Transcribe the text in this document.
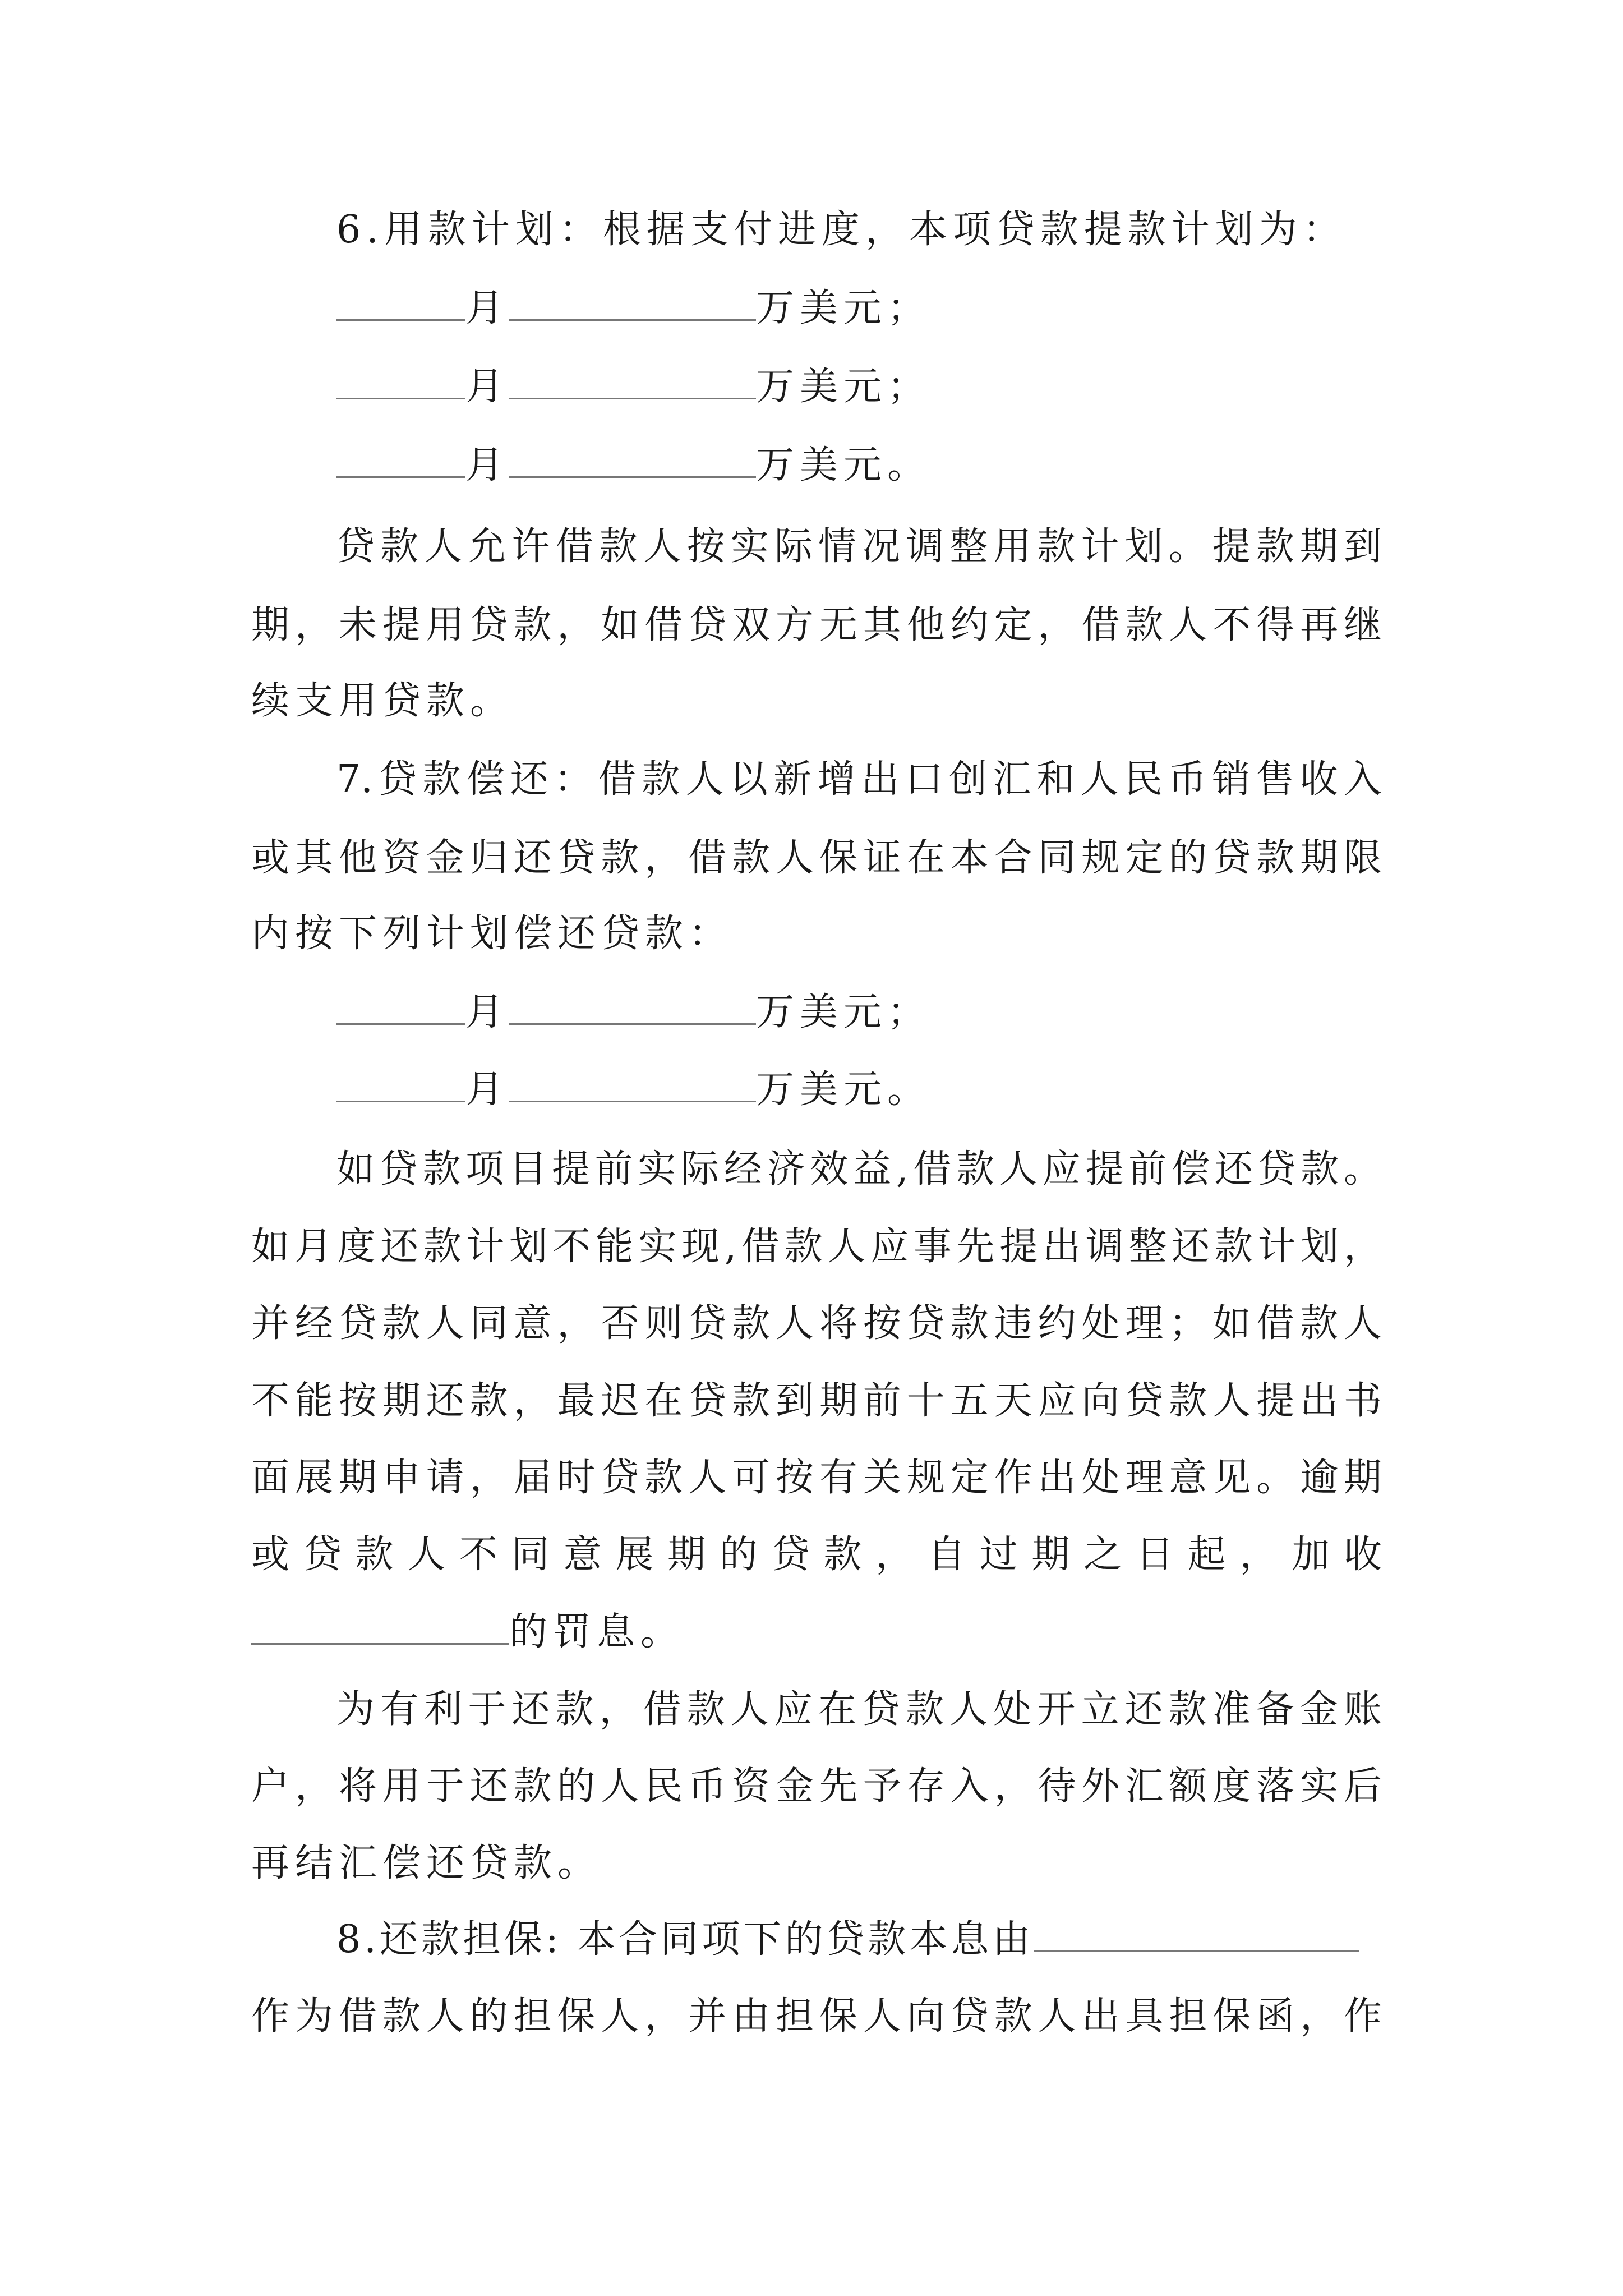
6.用款计划：根据支付进度，本项贷款提款计划为：
月	万美元；
月	万美元；
月	万美元。
贷款人允许借款人按实际情况调整用款计划。提款期到
期，未提用贷款，如借贷双方无其他约定，借款人不得再继
续支用贷款。
7.贷款偿还：借款人以新增出口创汇和人民币销售收入
或其他资金归还贷款，借款人保证在本合同规定的贷款期限
内按下列计划偿还贷款：
月	万美元；
月	万美元。
如贷款项目提前实际经济效益,借款人应提前偿还贷款。
如月度还款计划不能实现,借款人应事先提出调整还款计划，
并经贷款人同意，否则贷款人将按贷款违约处理；如借款人
不能按期还款，最迟在贷款到期前十五天应向贷款人提出书
面展期申请，届时贷款人可按有关规定作出处理意见。逾期
或贷款人不同意展期的贷款，自过期之日起，加收
的罚息。
为有利于还款，借款人应在贷款人处开立还款准备金账
户，将用于还款的人民币资金先予存入，待外汇额度落实后
再结汇偿还贷款。
8.还款担保: 本合同项下的贷款本息由
作为借款人的担保人，并由担保人向贷款人出具担保函，作
